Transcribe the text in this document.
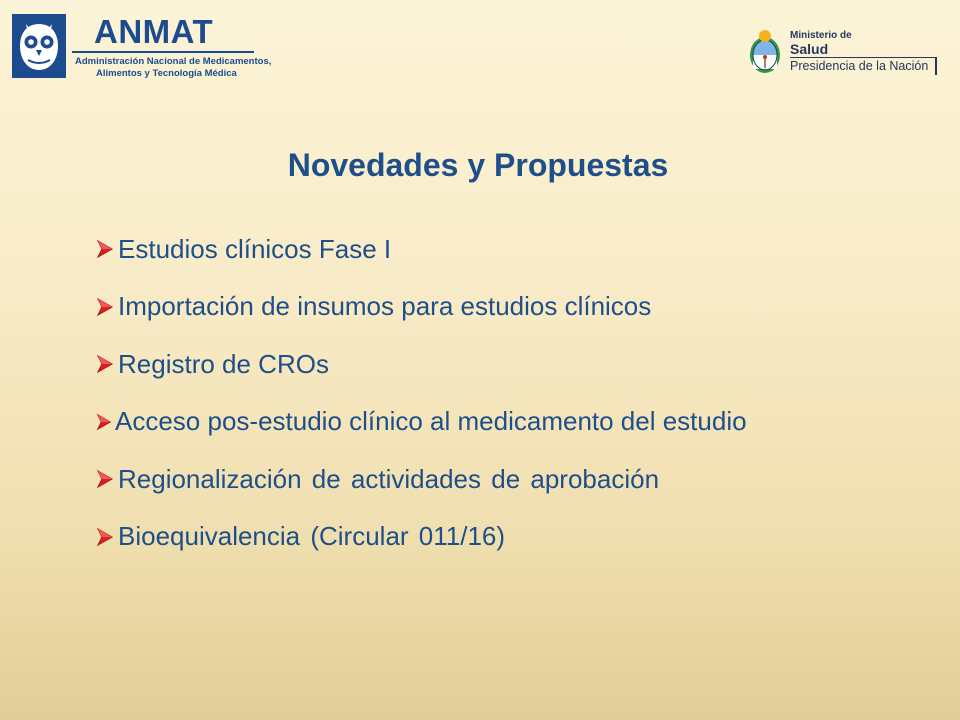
ANMAT
Administración Nacional de Medicamentos,
Alimentos y Tecnología Médica
Ministerio de
Salud
Presidencia de la Nación
Novedades y Propuestas
Estudios clínicos Fase I
Importación de insumos para estudios clínicos
Registro de CROs
Acceso pos-estudio clínico al medicamento del estudio
Regionalización de actividades de aprobación
Bioequivalencia (Circular 011/16)
